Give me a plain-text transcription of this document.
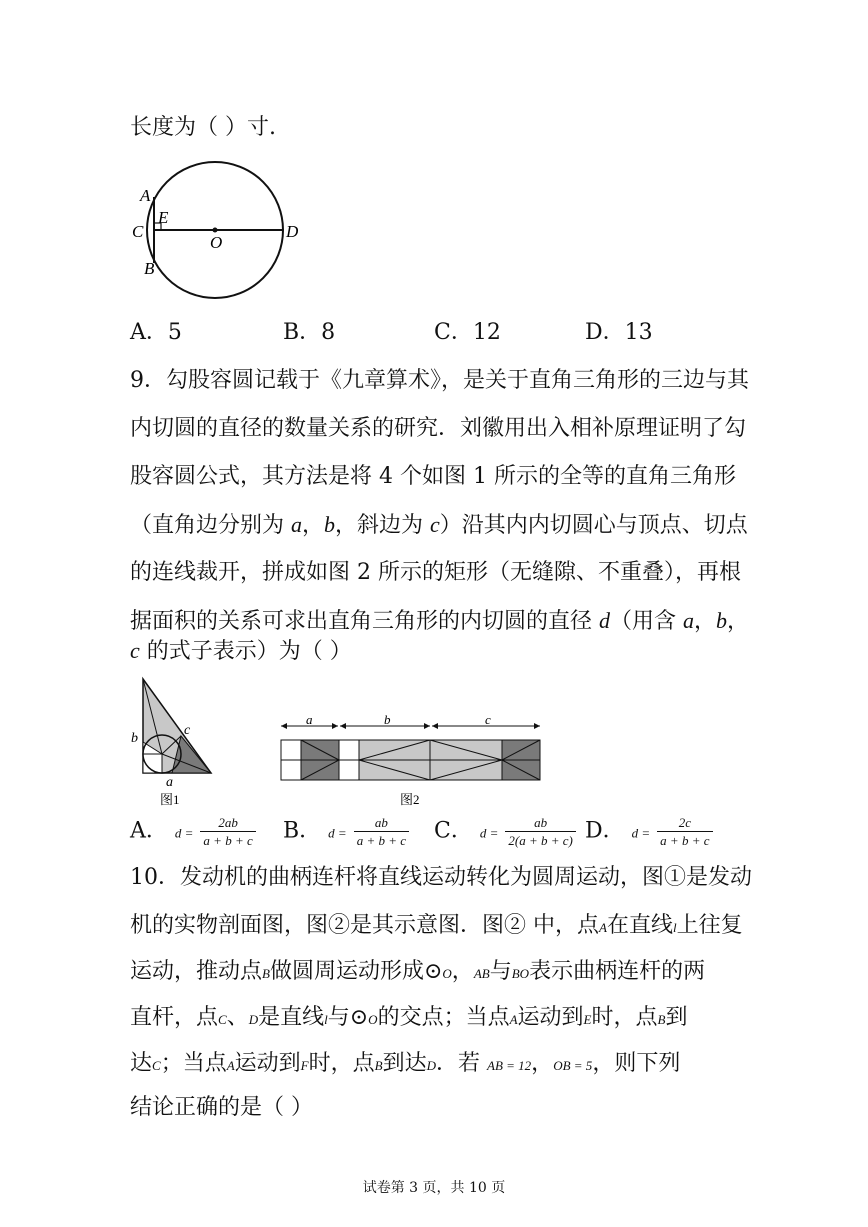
长度为（ ）寸.
A
C
E
B
O
D
A．5	B．8	C．12	D．13
9．勾股容圆记载于《九章算术》，是关于直角三角形的三边与其
内切圆的直径的数量关系的研究．刘徽用出入相补原理证明了勾
股容圆公式，其方法是将 4 个如图 1 所示的全等的直角三角形
（直角边分别为 a，b，斜边为 c）沿其内内切圆心与顶点、切点
的连线裁开，拼成如图 2 所示的矩形（无缝隙、不重叠），再根
据面积的关系可求出直角三角形的内切圆的直径 d（用含 a，b，
c 的式子表示）为（ ）
b
c
a
图1
a	b	c
图2
A． $d = \frac{2ab}{a + b + c}$ B． $d = \frac{ab}{a + b + c}$ C． $d = \frac{ab}{2(a + b + c)}$ D． $d = \frac{2c}{a + b + c}$
10．发动机的曲柄连杆将直线运动转化为圆周运动，图①是发动
机的实物剖面图，图②是其示意图．图② 中，点A在直线l上往复
运动，推动点B做圆周运动形成⊙O，AB与BO表示曲柄连杆的两
直杆，点C、D是直线l与⊙O的交点；当点A运动到E时，点B到
达C；当点A运动到F时，点B到达D．若 AB = 12，OB = 5，则下列
结论正确的是（ ）
试卷第 3 页，共 10 页
